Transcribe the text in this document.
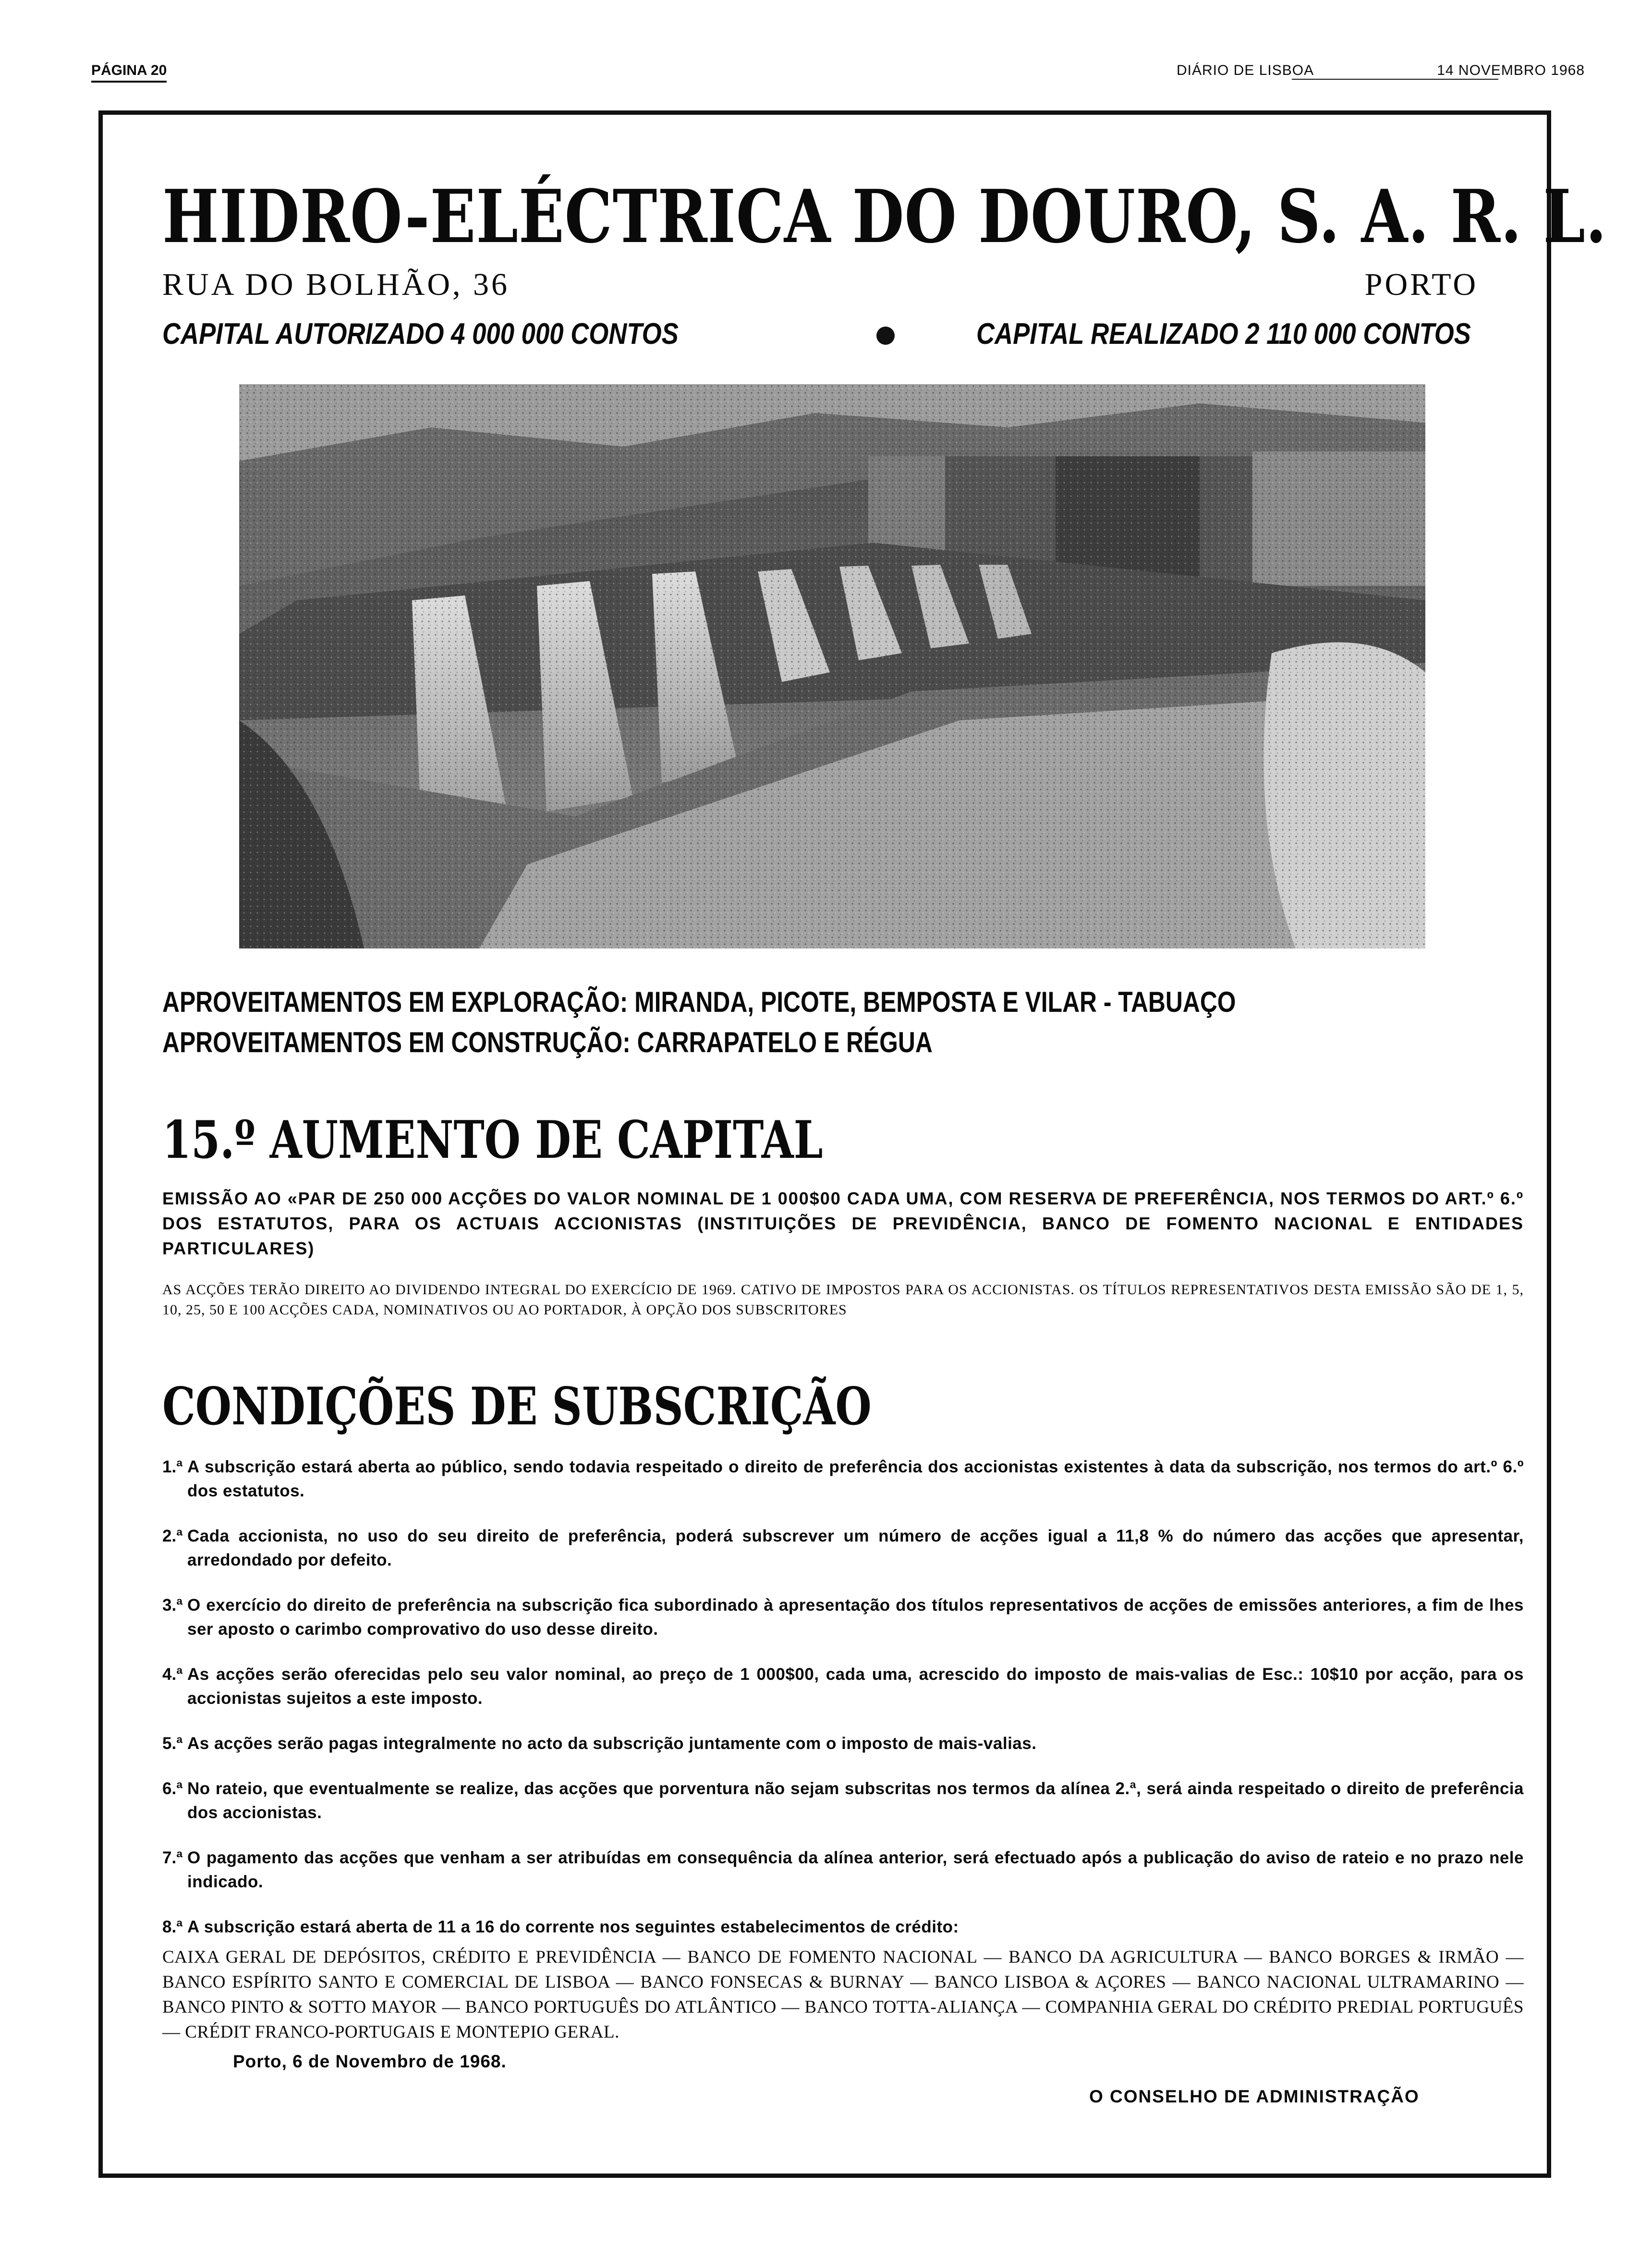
PÁGINA 20	DIÁRIO DE LISBOA	14 NOVEMBRO 1968
HIDRO-ELÉCTRICA DO DOURO, S. A. R. L.
RUA DO BOLHÃO, 36	PORTO
CAPITAL AUTORIZADO 4 000 000 CONTOS	CAPITAL REALIZADO 2 110 000 CONTOS
APROVEITAMENTOS EM EXPLORAÇÃO: MIRANDA, PICOTE, BEMPOSTA E VILAR - TABUAÇO
APROVEITAMENTOS EM CONSTRUÇÃO: CARRAPATELO E RÉGUA
15.º AUMENTO DE CAPITAL
EMISSÃO AO «PAR DE 250 000 ACÇÕES DO VALOR NOMINAL DE 1 000$00 CADA UMA, COM RESERVA DE PREFERÊNCIA, NOS TERMOS DO ART.º 6.º DOS ESTATUTOS, PARA OS ACTUAIS ACCIONISTAS (INSTITUIÇÕES DE PREVIDÊNCIA, BANCO DE FOMENTO NACIONAL E ENTIDADES PARTICULARES)
AS ACÇÕES TERÃO DIREITO AO DIVIDENDO INTEGRAL DO EXERCÍCIO DE 1969. CATIVO DE IMPOSTOS PARA OS ACCIONISTAS. OS TÍTULOS REPRESENTATIVOS DESTA EMISSÃO SÃO DE 1, 5, 10, 25, 50 E 100 ACÇÕES CADA, NOMINATIVOS OU AO PORTADOR, À OPÇÃO DOS SUBSCRITORES
CONDIÇÕES DE SUBSCRIÇÃO
1.ª A subscrição estará aberta ao público, sendo todavia respeitado o direito de preferência dos accionistas existentes à data da subscrição, nos termos do art.º 6.º dos estatutos.
2.ª Cada accionista, no uso do seu direito de preferência, poderá subscrever um número de acções igual a 11,8 % do número das acções que apresentar, arredondado por defeito.
3.ª O exercício do direito de preferência na subscrição fica subordinado à apresentação dos títulos representativos de acções de emissões anteriores, a fim de lhes ser aposto o carimbo comprovativo do uso desse direito.
4.ª As acções serão oferecidas pelo seu valor nominal, ao preço de 1 000$00, cada uma, acrescido do imposto de mais-valias de Esc.: 10$10 por acção, para os accionistas sujeitos a este imposto.
5.ª As acções serão pagas integralmente no acto da subscrição juntamente com o imposto de mais-valias.
6.ª No rateio, que eventualmente se realize, das acções que porventura não sejam subscritas nos termos da alínea 2.ª, será ainda respeitado o direito de preferência dos accionistas.
7.ª O pagamento das acções que venham a ser atribuídas em consequência da alínea anterior, será efectuado após a publicação do aviso de rateio e no prazo nele indicado.
8.ª A subscrição estará aberta de 11 a 16 do corrente nos seguintes estabelecimentos de crédito:
CAIXA GERAL DE DEPÓSITOS, CRÉDITO E PREVIDÊNCIA — BANCO DE FOMENTO NACIONAL — BANCO DA AGRICULTURA — BANCO BORGES & IRMÃO — BANCO ESPÍRITO SANTO E COMERCIAL DE LISBOA — BANCO FONSECAS & BURNAY — BANCO LISBOA & AÇORES — BANCO NACIONAL ULTRAMARINO — BANCO PINTO & SOTTO MAYOR — BANCO PORTUGUÊS DO ATLÂNTICO — BANCO TOTTA-ALIANÇA — COMPANHIA GERAL DO CRÉDITO PREDIAL PORTUGUÊS — CRÉDIT FRANCO-PORTUGAIS E MONTEPIO GERAL.
Porto, 6 de Novembro de 1968.
O CONSELHO DE ADMINISTRAÇÃO
